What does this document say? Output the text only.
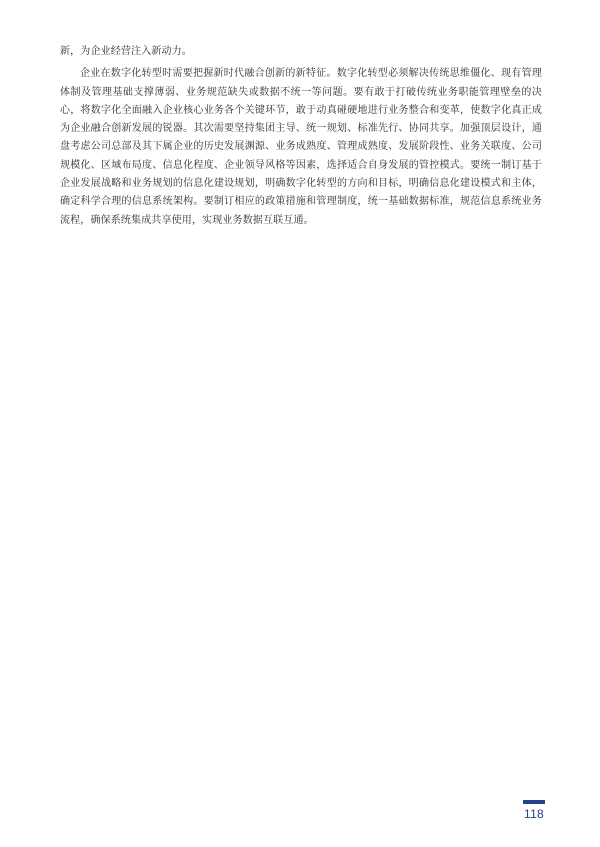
新，为企业经营注入新动力。

企业在数字化转型时需要把握新时代融合创新的新特征。数字化转型必须解决传统思维僵化、现有管理体制及管理基础支撑薄弱、业务规范缺失或数据不统一等问题。要有敢于打破传统业务职能管理壁垒的决心，将数字化全面融入企业核心业务各个关键环节，敢于动真碰硬地进行业务整合和变革，使数字化真正成为企业融合创新发展的锐器。其次需要坚持集团主导、统一规划、标准先行、协同共享。加强顶层设计，通盘考虑公司总部及其下属企业的历史发展渊源、业务成熟度、管理成熟度、发展阶段性、业务关联度、公司规模化、区域布局度、信息化程度、企业领导风格等因素，选择适合自身发展的管控模式。要统一制订基于企业发展战略和业务规划的信息化建设规划，明确数字化转型的方向和目标，明确信息化建设模式和主体，确定科学合理的信息系统架构。要制订相应的政策措施和管理制度，统一基础数据标准，规范信息系统业务流程，确保系统集成共享使用，实现业务数据互联互通。

118
